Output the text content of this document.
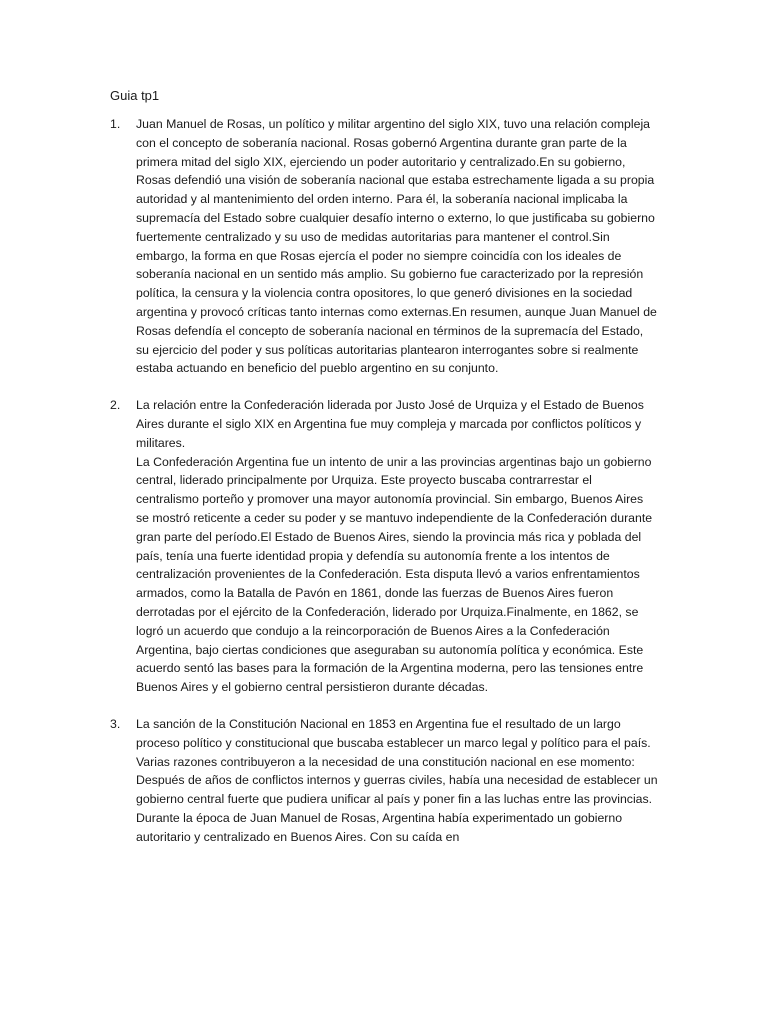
Guia tp1
1.	Juan Manuel de Rosas, un político y militar argentino del siglo XIX, tuvo una relación compleja con el concepto de soberanía nacional. Rosas gobernó Argentina durante gran parte de la primera mitad del siglo XIX, ejerciendo un poder autoritario y centralizado.En su gobierno, Rosas defendió una visión de soberanía nacional que estaba estrechamente ligada a su propia autoridad y al mantenimiento del orden interno. Para él, la soberanía nacional implicaba la supremacía del Estado sobre cualquier desafío interno o externo, lo que justificaba su gobierno fuertemente centralizado y su uso de medidas autoritarias para mantener el control.Sin embargo, la forma en que Rosas ejercía el poder no siempre coincidía con los ideales de soberanía nacional en un sentido más amplio. Su gobierno fue caracterizado por la represión política, la censura y la violencia contra opositores, lo que generó divisiones en la sociedad argentina y provocó críticas tanto internas como externas.En resumen, aunque Juan Manuel de Rosas defendía el concepto de soberanía nacional en términos de la supremacía del Estado, su ejercicio del poder y sus políticas autoritarias plantearon interrogantes sobre si realmente estaba actuando en beneficio del pueblo argentino en su conjunto.

2.	La relación entre la Confederación liderada por Justo José de Urquiza y el Estado de Buenos Aires durante el siglo XIX en Argentina fue muy compleja y marcada por conflictos políticos y militares.

La Confederación Argentina fue un intento de unir a las provincias argentinas bajo un gobierno central, liderado principalmente por Urquiza. Este proyecto buscaba contrarrestar el centralismo porteño y promover una mayor autonomía provincial. Sin embargo, Buenos Aires se mostró reticente a ceder su poder y se mantuvo independiente de la Confederación durante gran parte del período.El Estado de Buenos Aires, siendo la provincia más rica y poblada del país, tenía una fuerte identidad propia y defendía su autonomía frente a los intentos de centralización provenientes de la Confederación. Esta disputa llevó a varios enfrentamientos armados, como la Batalla de Pavón en 1861, donde las fuerzas de Buenos Aires fueron derrotadas por el ejército de la Confederación, liderado por Urquiza.Finalmente, en 1862, se logró un acuerdo que condujo a la reincorporación de Buenos Aires a la Confederación Argentina, bajo ciertas condiciones que aseguraban su autonomía política y económica. Este acuerdo sentó las bases para la formación de la Argentina moderna, pero las tensiones entre Buenos Aires y el gobierno central persistieron durante décadas.

3.	La sanción de la Constitución Nacional en 1853 en Argentina fue el resultado de un largo proceso político y constitucional que buscaba establecer un marco legal y político para el país. Varias razones contribuyeron a la necesidad de una constitución nacional en ese momento:

Después de años de conflictos internos y guerras civiles, había una necesidad de establecer un gobierno central fuerte que pudiera unificar al país y poner fin a las luchas entre las provincias. Durante la época de Juan Manuel de Rosas, Argentina había experimentado un gobierno autoritario y centralizado en Buenos Aires. Con su caída en
